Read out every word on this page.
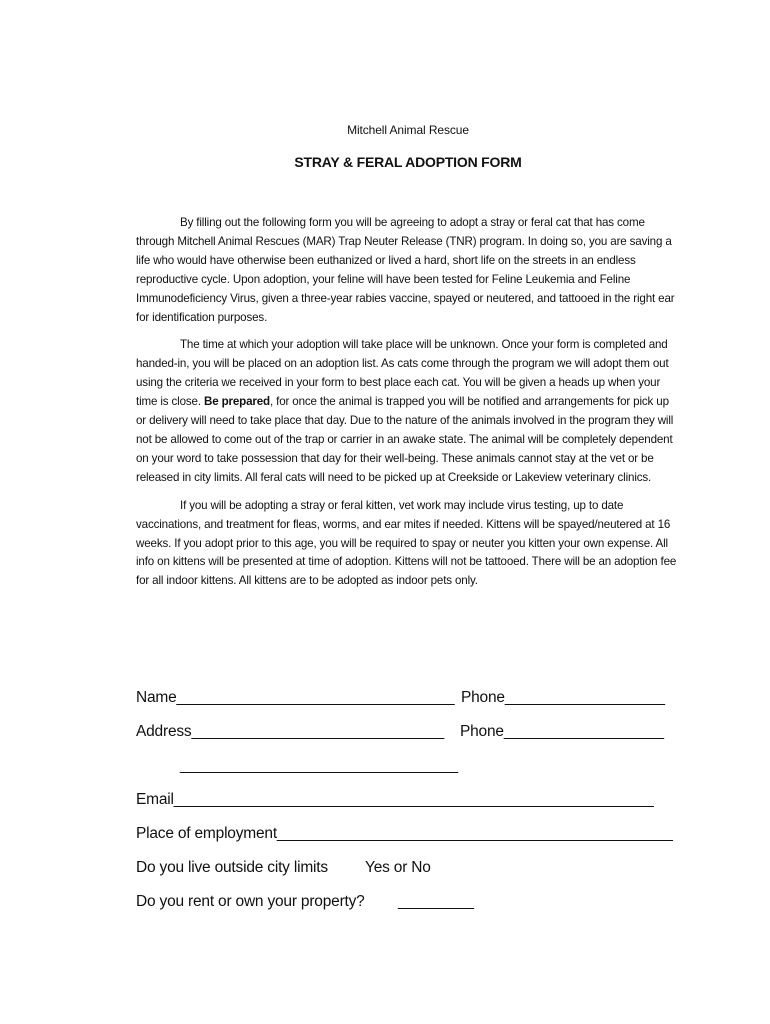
Mitchell Animal Rescue
STRAY & FERAL ADOPTION FORM

By filling out the following form you will be agreeing to adopt a stray or feral cat that has come through Mitchell Animal Rescues (MAR) Trap Neuter Release (TNR) program. In doing so, you are saving a life who would have otherwise been euthanized or lived a hard, short life on the streets in an endless reproductive cycle. Upon adoption, your feline will have been tested for Feline Leukemia and Feline Immunodeficiency Virus, given a three-year rabies vaccine, spayed or neutered, and tattooed in the right ear for identification purposes.

The time at which your adoption will take place will be unknown. Once your form is completed and handed-in, you will be placed on an adoption list. As cats come through the program we will adopt them out using the criteria we received in your form to best place each cat. You will be given a heads up when your time is close. Be prepared, for once the animal is trapped you will be notified and arrangements for pick up or delivery will need to take place that day. Due to the nature of the animals involved in the program they will not be allowed to come out of the trap or carrier in an awake state. The animal will be completely dependent on your word to take possession that day for their well-being. These animals cannot stay at the vet or be released in city limits. All feral cats will need to be picked up at Creekside or Lakeview veterinary clinics.

If you will be adopting a stray or feral kitten, vet work may include virus testing, up to date vaccinations, and treatment for fleas, worms, and ear mites if needed. Kittens will be spayed/neutered at 16 weeks. If you adopt prior to this age, you will be required to spay or neuter you kitten your own expense. All info on kittens will be presented at time of adoption. Kittens will not be tattooed. There will be an adoption fee for all indoor kittens. All kittens are to be adopted as indoor pets only.

Name_________________________________ Phone___________________
Address______________________________ Phone___________________
_________________________________
Email_________________________________________________________
Place of employment_______________________________________________
Do you live outside city limits Yes or No
Do you rent or own your property? _________
